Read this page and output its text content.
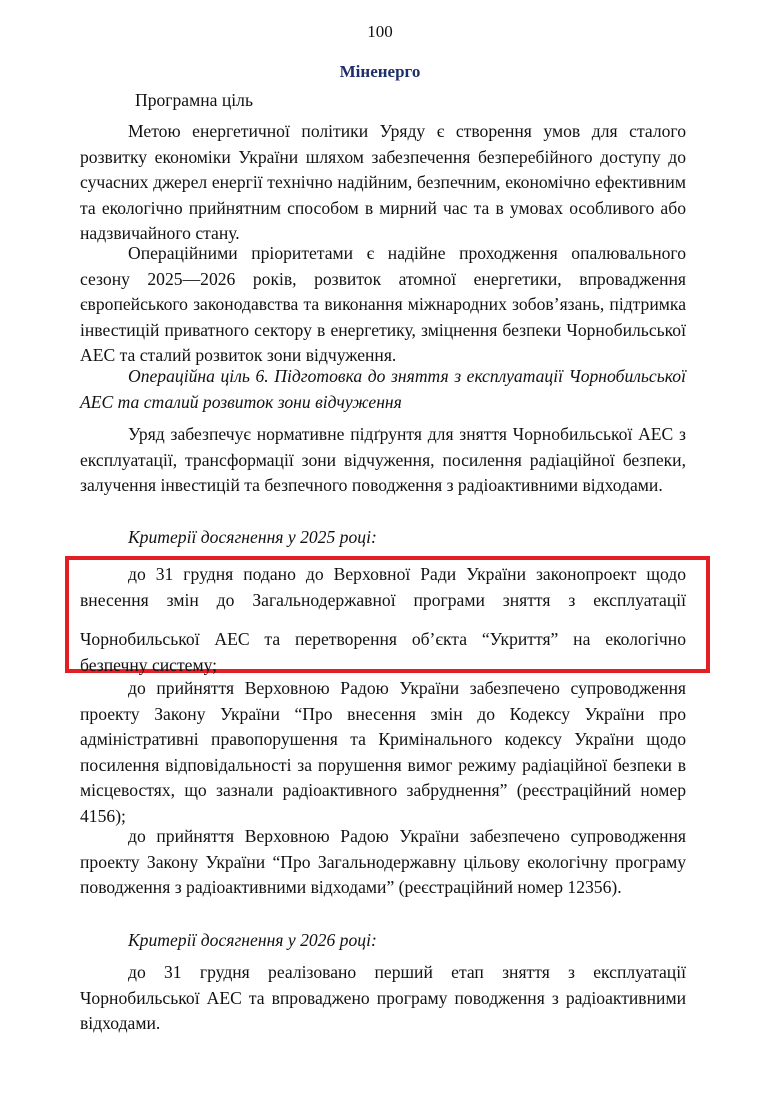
100
Міненерго

Програмна ціль

Метою енергетичної політики Уряду є створення умов для сталого розвитку економіки України шляхом забезпечення безперебійного доступу до сучасних джерел енергії технічно надійним, безпечним, економічно ефективним та екологічно прийнятним способом в мирний час та в умовах особливого або надзвичайного стану.

Операційними пріоритетами є надійне проходження опалювального сезону 2025—2026 років, розвиток атомної енергетики, впровадження європейського законодавства та виконання міжнародних зобов’язань, підтримка інвестицій приватного сектору в енергетику, зміцнення безпеки Чорнобильської АЕС та сталий розвиток зони відчуження.

Операційна ціль 6. Підготовка до зняття з експлуатації Чорнобильської АЕС та сталий розвиток зони відчуження

Уряд забезпечує нормативне підґрунтя для зняття Чорнобильської АЕС з експлуатації, трансформації зони відчуження, посилення радіаційної безпеки, залучення інвестицій та безпечного поводження з радіоактивними відходами.

Критерії досягнення у 2025 році:

до 31 грудня подано до Верховної Ради України законопроект щодо
внесення змін до Загальнодержавної програми зняття з експлуатації
Чорнобильської АЕС та перетворення об’єкта “Укриття” на екологічно
безпечну систему;

до прийняття Верховною Радою України забезпечено супроводження проекту Закону України “Про внесення змін до Кодексу України про адміністративні правопорушення та Кримінального кодексу України щодо посилення відповідальності за порушення вимог режиму радіаційної безпеки в місцевостях, що зазнали радіоактивного забруднення” (реєстраційний номер 4156);

до прийняття Верховною Радою України забезпечено супроводження проекту Закону України “Про Загальнодержавну цільову екологічну програму поводження з радіоактивними відходами” (реєстраційний номер 12356).

Критерії досягнення у 2026 році:

до 31 грудня реалізовано перший етап зняття з експлуатації Чорнобильської АЕС та впроваджено програму поводження з радіоактивними відходами.
